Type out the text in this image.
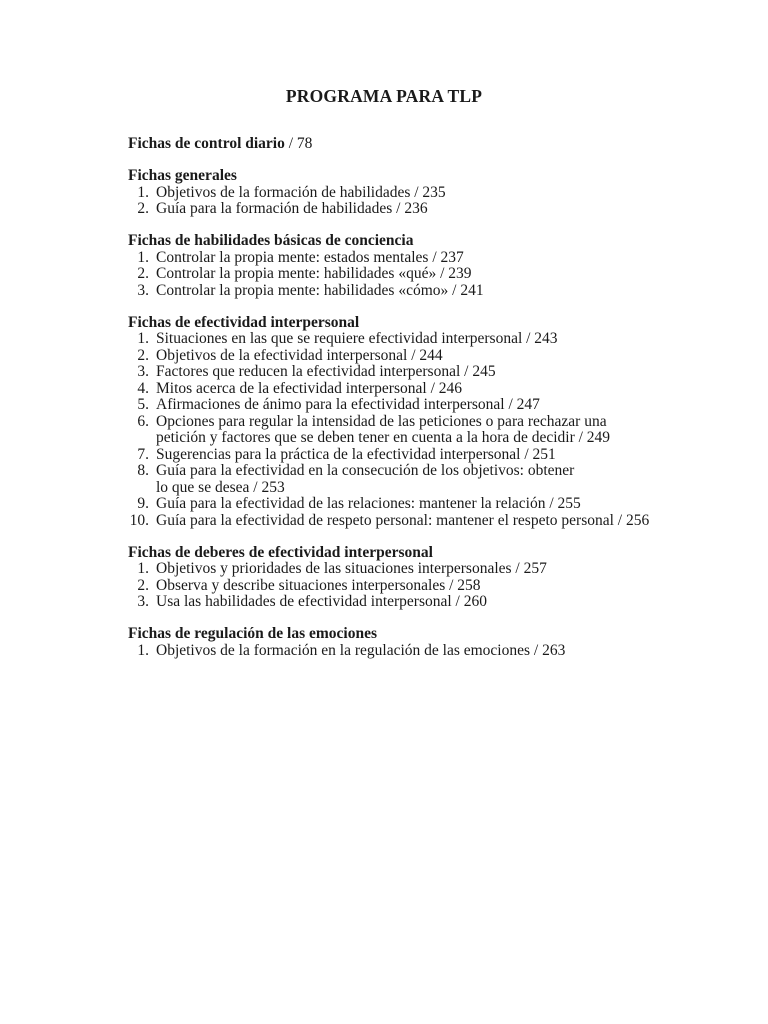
PROGRAMA PARA TLP
Fichas de control diario / 78
Fichas generales
1. Objetivos de la formación de habilidades / 235
2. Guía para la formación de habilidades / 236
Fichas de habilidades básicas de conciencia
1. Controlar la propia mente: estados mentales / 237
2. Controlar la propia mente: habilidades «qué» / 239
3. Controlar la propia mente: habilidades «cómo» / 241
Fichas de efectividad interpersonal
1. Situaciones en las que se requiere efectividad interpersonal / 243
2. Objetivos de la efectividad interpersonal / 244
3. Factores que reducen la efectividad interpersonal / 245
4. Mitos acerca de la efectividad interpersonal / 246
5. Afirmaciones de ánimo para la efectividad interpersonal / 247
6. Opciones para regular la intensidad de las peticiones o para rechazar una
petición y factores que se deben tener en cuenta a la hora de decidir / 249
7. Sugerencias para la práctica de la efectividad interpersonal / 251
8. Guía para la efectividad en la consecución de los objetivos: obtener
lo que se desea / 253
9. Guía para la efectividad de las relaciones: mantener la relación / 255
10. Guía para la efectividad de respeto personal: mantener el respeto personal / 256
Fichas de deberes de efectividad interpersonal
1. Objetivos y prioridades de las situaciones interpersonales / 257
2. Observa y describe situaciones interpersonales / 258
3. Usa las habilidades de efectividad interpersonal / 260
Fichas de regulación de las emociones
1. Objetivos de la formación en la regulación de las emociones / 263
